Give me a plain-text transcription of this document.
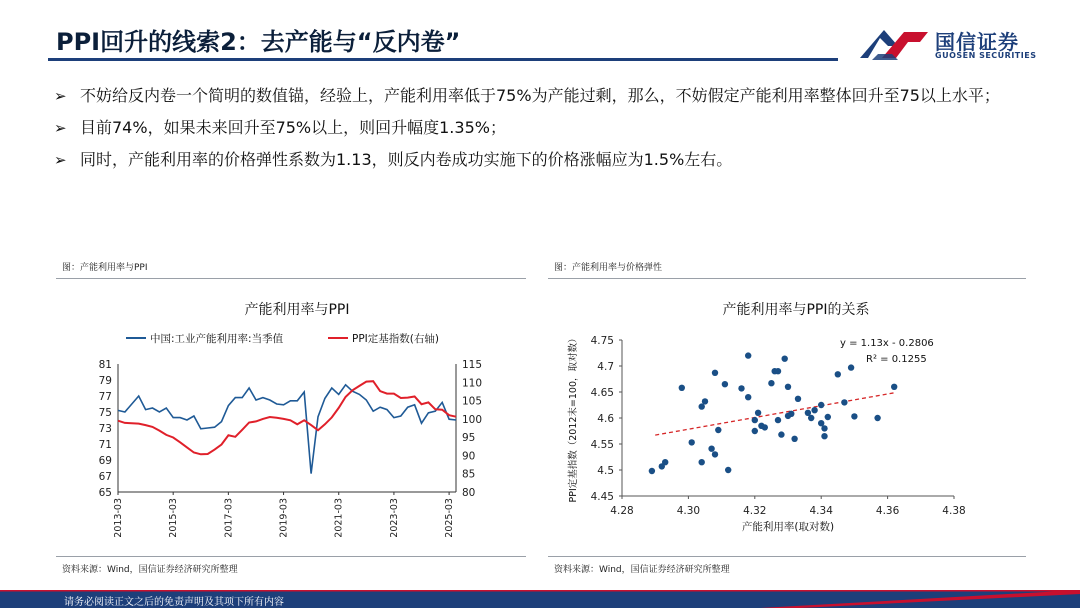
PPI回升的线索2：去产能与“反内卷”	国信证券
GUOSEN SECURITIES
➢ 不妨给反内卷一个简明的数值锚，经验上，产能利用率低于75%为产能过剩，那么，不妨假定产能利用率整体回升至75以上水平；
➢ 目前74%，如果未来回升至75%以上，则回升幅度1.35%；
➢ 同时，产能利用率的价格弹性系数为1.13，则反内卷成功实施下的价格涨幅应为1.5%左右。
图：产能利用率与PPI
产能利用率与PPI
中国:工业产能利用率:当季值	PPI定基指数(右轴)
65
67
69
71
73
75
77
79
81
80
85
90
95
100
105
110
115
2013-03	2015-03	2017-03	2019-03	2021-03	2023-03	2025-03
资料来源：Wind，国信证券经济研究所整理
图：产能利用率与价格弹性
产能利用率与PPI的关系
4.45
4.5
4.55
4.6
4.65
4.7
4.75
4.28	4.30	4.32	4.34	4.36	4.38
产能利用率(取对数)
PPI定基指数（2012末=100，取对数）	y = 1.13x - 0.2806
R² = 0.1255
资料来源：Wind，国信证券经济研究所整理
请务必阅读正文之后的免责声明及其项下所有内容
